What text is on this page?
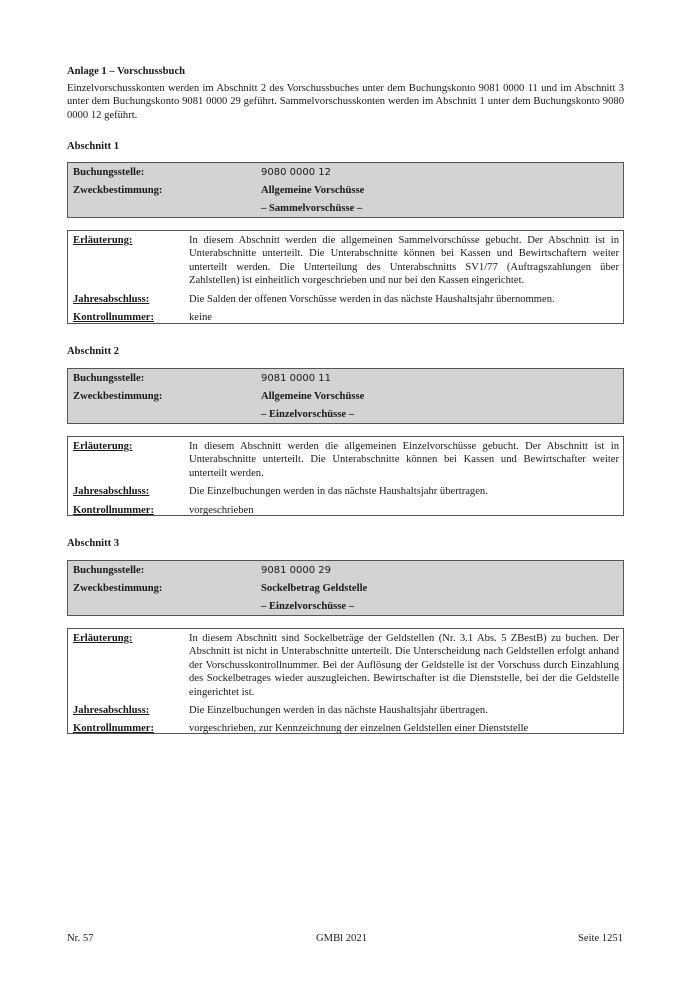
Anlage 1 – Vorschussbuch
Einzelvorschusskonten werden im Abschnitt 2 des Vorschussbuches unter dem Buchungskonto 9081 0000 11 und im Abschnitt 3 unter dem Buchungskonto 9081 0000 29 geführt. Sammelvorschusskonten werden im Abschnitt 1 unter dem Buchungskonto 9080 0000 12 geführt.
Abschnitt 1
Buchungsstelle:	9080 0000 12
Zweckbestimmung:	Allgemeine Vorschüsse
– Sammelvorschüsse –
Erläuterung:	In diesem Abschnitt werden die allgemeinen Sammelvorschüsse gebucht. Der Abschnitt ist in Unterabschnitte unterteilt. Die Unterabschnitte können bei Kassen und Bewirtschaftern weiter unterteilt werden. Die Unterteilung des Unterabschnitts SV1/77 (Auftragszahlungen über Zahlstellen) ist einheitlich vorgeschrieben und nur bei den Kassen eingerichtet.
Jahresabschluss:	Die Salden der offenen Vorschüsse werden in das nächste Haushaltsjahr übernommen.
Kontrollnummer:	keine
Abschnitt 2
Buchungsstelle:	9081 0000 11
Zweckbestimmung:	Allgemeine Vorschüsse
– Einzelvorschüsse –
Erläuterung:	In diesem Abschnitt werden die allgemeinen Einzelvorschüsse gebucht. Der Abschnitt ist in Unterabschnitte unterteilt. Die Unterabschnitte können bei Kassen und Bewirtschafter weiter unterteilt werden.
Jahresabschluss:	Die Einzelbuchungen werden in das nächste Haushaltsjahr übertragen.
Kontrollnummer:	vorgeschrieben
Abschnitt 3
Buchungsstelle:	9081 0000 29
Zweckbestimmung:	Sockelbetrag Geldstelle
– Einzelvorschüsse –
Erläuterung:	In diesem Abschnitt sind Sockelbeträge der Geldstellen (Nr. 3.1 Abs. 5 ZBestB) zu buchen. Der Abschnitt ist nicht in Unterabschnitte unterteilt. Die Unterscheidung nach Geldstellen erfolgt anhand der Vorschusskontrollnummer. Bei der Auflösung der Geldstelle ist der Vorschuss durch Einzahlung des Sockelbetrages wieder auszugleichen. Bewirtschafter ist die Dienststelle, bei der die Geldstelle eingerichtet ist.
Jahresabschluss:	Die Einzelbuchungen werden in das nächste Haushaltsjahr übertragen.
Kontrollnummer:	vorgeschrieben, zur Kennzeichnung der einzelnen Geldstellen einer Dienststelle
Nr. 57	GMBl 2021	Seite 1251
